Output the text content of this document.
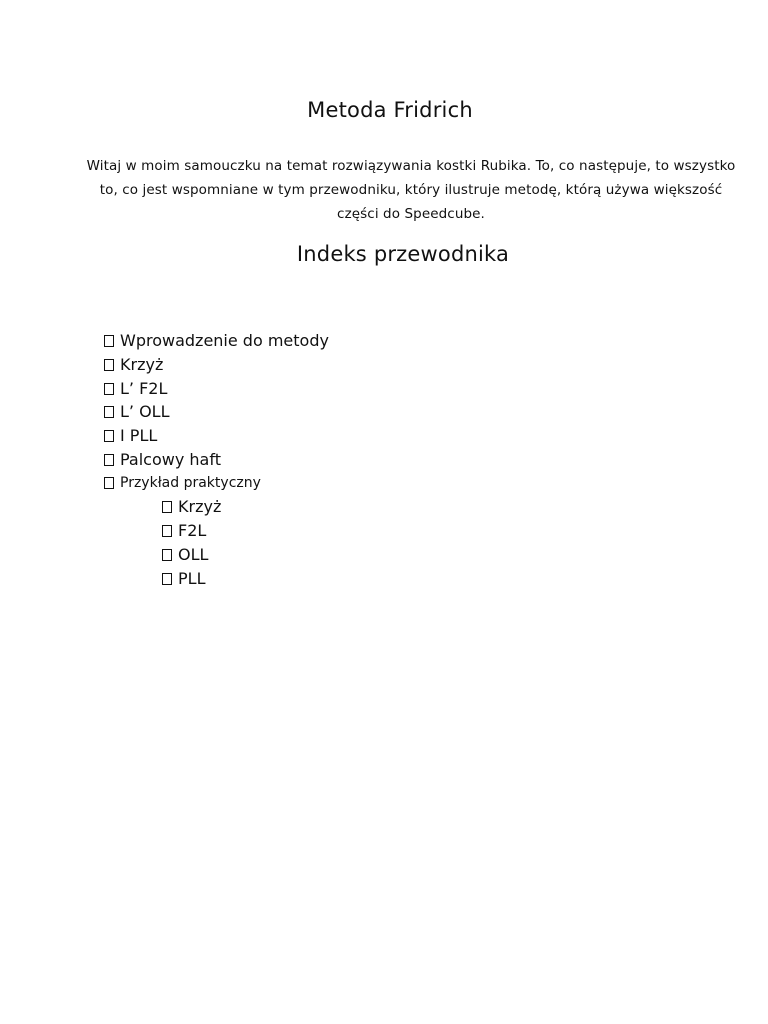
Metoda Fridrich
Witaj w moim samouczku na temat rozwiązywania kostki Rubika. To, co następuje, to wszystko to, co jest wspomniane w tym przewodniku, który ilustruje metodę, którą używa większość części do Speedcube.
Indeks przewodnika
Wprowadzenie do metody
Krzyż
L’ F2L
L’ OLL
I PLL
Palcowy haft
Przykład praktyczny
Krzyż
F2L
OLL
PLL
